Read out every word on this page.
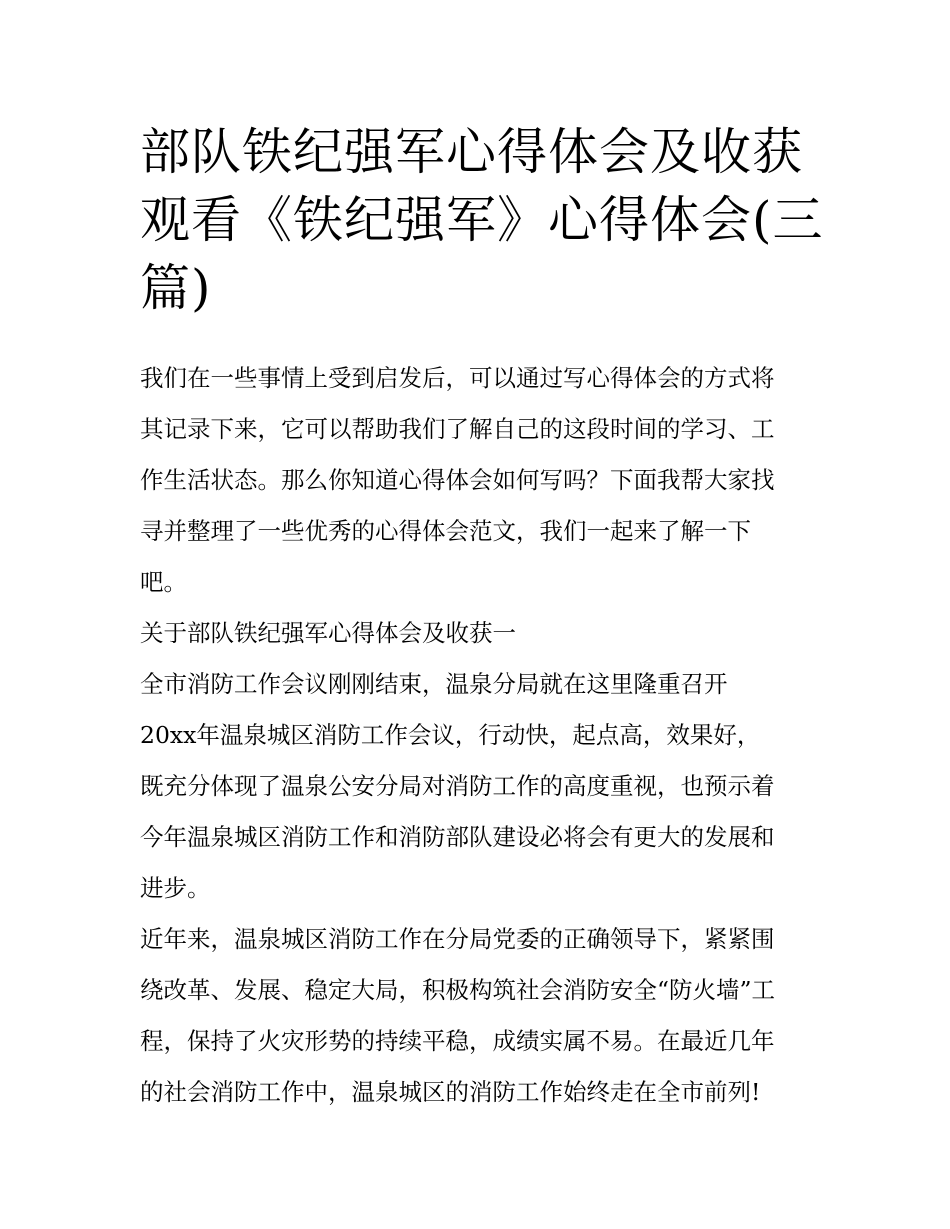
部队铁纪强军心得体会及收获
观看《铁纪强军》心得体会(三
篇)
我们在一些事情上受到启发后，可以通过写心得体会的方式将
其记录下来，它可以帮助我们了解自己的这段时间的学习、工
作生活状态。那么你知道心得体会如何写吗？下面我帮大家找
寻并整理了一些优秀的心得体会范文，我们一起来了解一下
吧。
关于部队铁纪强军心得体会及收获一
全市消防工作会议刚刚结束，温泉分局就在这里隆重召开
20xx年温泉城区消防工作会议，行动快，起点高，效果好，
既充分体现了温泉公安分局对消防工作的高度重视，也预示着
今年温泉城区消防工作和消防部队建设必将会有更大的发展和
进步。
近年来，温泉城区消防工作在分局党委的正确领导下，紧紧围
绕改革、发展、稳定大局，积极构筑社会消防安全“防火墙”工
程，保持了火灾形势的持续平稳，成绩实属不易。在最近几年
的社会消防工作中，温泉城区的消防工作始终走在全市前列!
